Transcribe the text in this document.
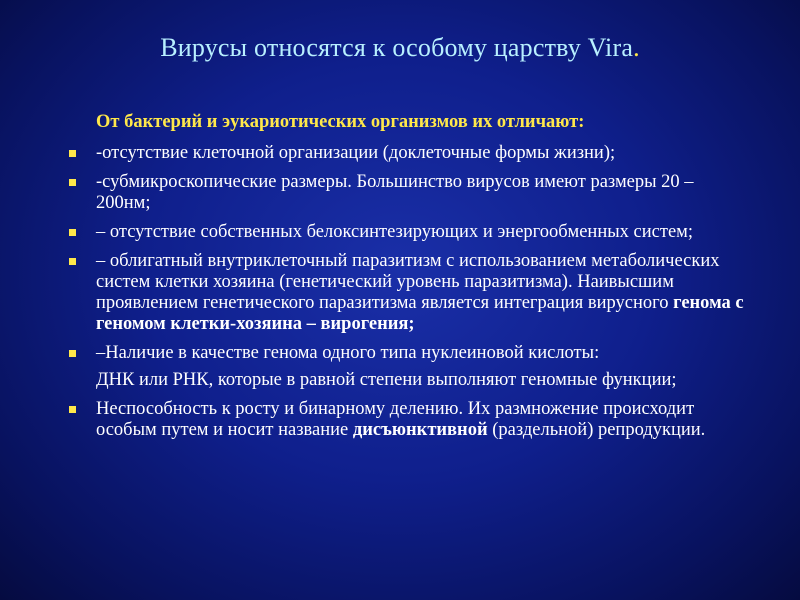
Вирусы относятся к особому царству Vira.

От бактерий и эукариотических организмов их отличают:

-отсутствие клеточной организации (доклеточные формы жизни);

-субмикроскопические размеры. Большинство вирусов имеют размеры 20 – 200нм;

– отсутствие собственных белоксинтезирующих и энергообменных систем;

– облигатный внутриклеточный паразитизм с использованием метаболических систем клетки хозяина (генетический уровень паразитизма). Наивысшим проявлением генетического паразитизма является интеграция вирусного генома с геномом клетки-хозяина – вирогения;

–Наличие в качестве генома одного типа нуклеиновой кислоты:

ДНК или РНК, которые в равной степени выполняют геномные функции;

Неспособность к росту и бинарному делению. Их размножение происходит особым путем и носит название дисъюнктивной (раздельной) репродукции.
